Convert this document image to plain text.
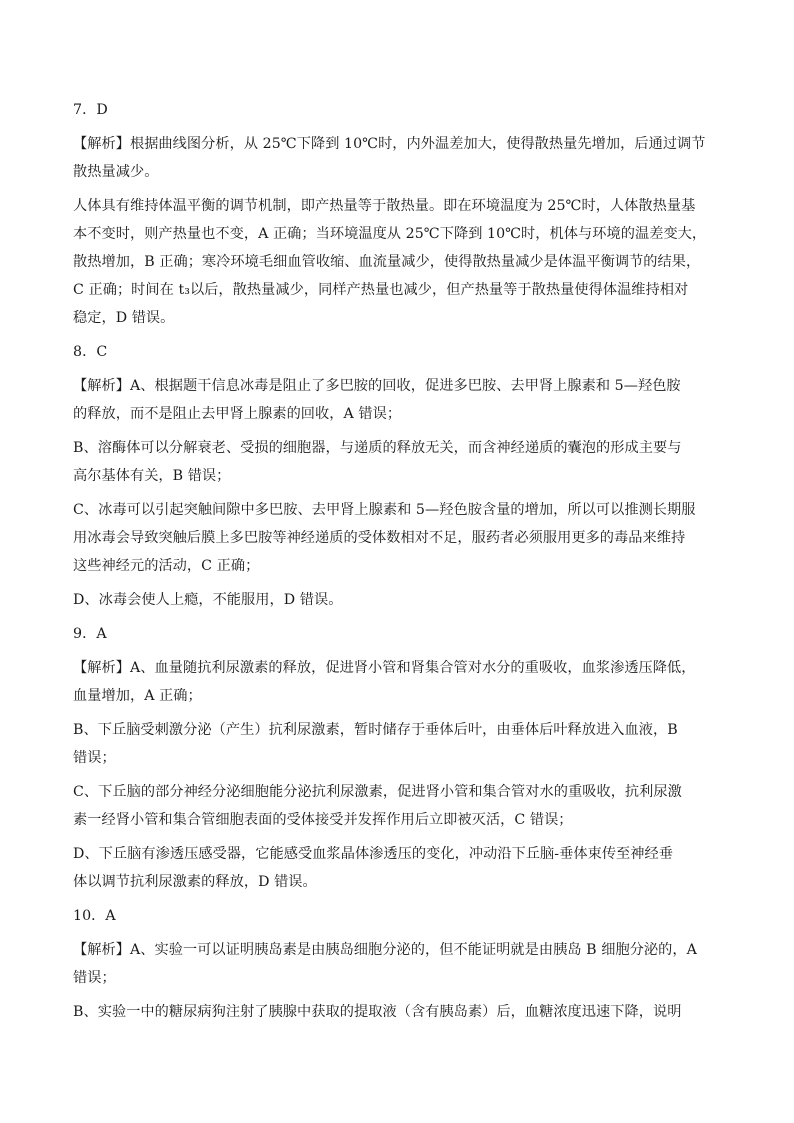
7．D
【解析】根据曲线图分析，从 25℃下降到 10℃时，内外温差加大，使得散热量先增加，后通过调节
散热量减少。
人体具有维持体温平衡的调节机制，即产热量等于散热量。即在环境温度为 25℃时，人体散热量基
本不变时，则产热量也不变，A 正确；当环境温度从 25℃下降到 10℃时，机体与环境的温差变大，
散热增加，B 正确；寒冷环境毛细血管收缩、血流量减少，使得散热量减少是体温平衡调节的结果，
C 正确；时间在 t₃以后，散热量减少，同样产热量也减少，但产热量等于散热量使得体温维持相对
稳定，D 错误。
8．C
【解析】A、根据题干信息冰毒是阻止了多巴胺的回收，促进多巴胺、去甲肾上腺素和 5—羟色胺
的释放，而不是阻止去甲肾上腺素的回收，A 错误；
B、溶酶体可以分解衰老、受损的细胞器，与递质的释放无关，而含神经递质的囊泡的形成主要与
高尔基体有关，B 错误；
C、冰毒可以引起突触间隙中多巴胺、去甲肾上腺素和 5—羟色胺含量的增加，所以可以推测长期服
用冰毒会导致突触后膜上多巴胺等神经递质的受体数相对不足，服药者必须服用更多的毒品来维持
这些神经元的活动，C 正确；
D、冰毒会使人上瘾，不能服用，D 错误。
9．A
【解析】A、血量随抗利尿激素的释放，促进肾小管和肾集合管对水分的重吸收，血浆渗透压降低，
血量增加，A 正确；
B、下丘脑受刺激分泌（产生）抗利尿激素，暂时储存于垂体后叶，由垂体后叶释放进入血液，B
错误；
C、下丘脑的部分神经分泌细胞能分泌抗利尿激素，促进肾小管和集合管对水的重吸收，抗利尿激
素一经肾小管和集合管细胞表面的受体接受并发挥作用后立即被灭活，C 错误；
D、下丘脑有渗透压感受器，它能感受血浆晶体渗透压的变化，冲动沿下丘脑-垂体束传至神经垂
体以调节抗利尿激素的释放，D 错误。
10．A
【解析】A、实验一可以证明胰岛素是由胰岛细胞分泌的，但不能证明就是由胰岛 B 细胞分泌的，A
错误；
B、实验一中的糖尿病狗注射了胰腺中获取的提取液（含有胰岛素）后，血糖浓度迅速下降，说明
